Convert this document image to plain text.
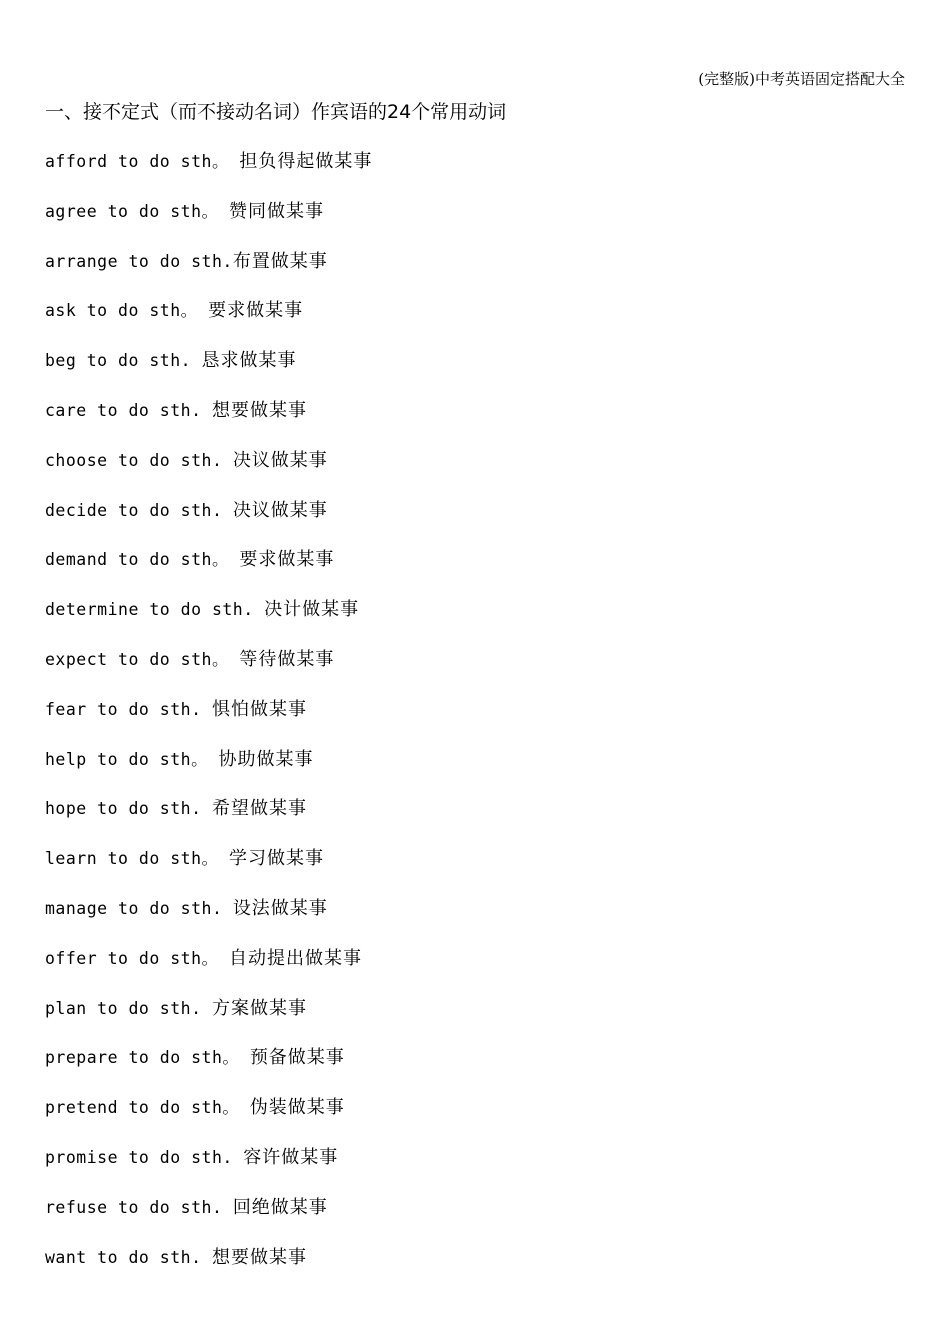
(完整版)中考英语固定搭配大全
一、接不定式（而不接动名词）作宾语的24个常用动词
afford to do sth。 担负得起做某事
agree to do sth。 赞同做某事
arrange to do sth.布置做某事
ask to do sth。 要求做某事
beg to do sth. 恳求做某事
care to do sth. 想要做某事
choose to do sth. 决议做某事
decide to do sth. 决议做某事
demand to do sth。 要求做某事
determine to do sth. 决计做某事
expect to do sth。 等待做某事
fear to do sth. 惧怕做某事
help to do sth。 协助做某事
hope to do sth. 希望做某事
learn to do sth。 学习做某事
manage to do sth. 设法做某事
offer to do sth。 自动提出做某事
plan to do sth. 方案做某事
prepare to do sth。 预备做某事
pretend to do sth。 伪装做某事
promise to do sth. 容许做某事
refuse to do sth. 回绝做某事
want to do sth. 想要做某事
